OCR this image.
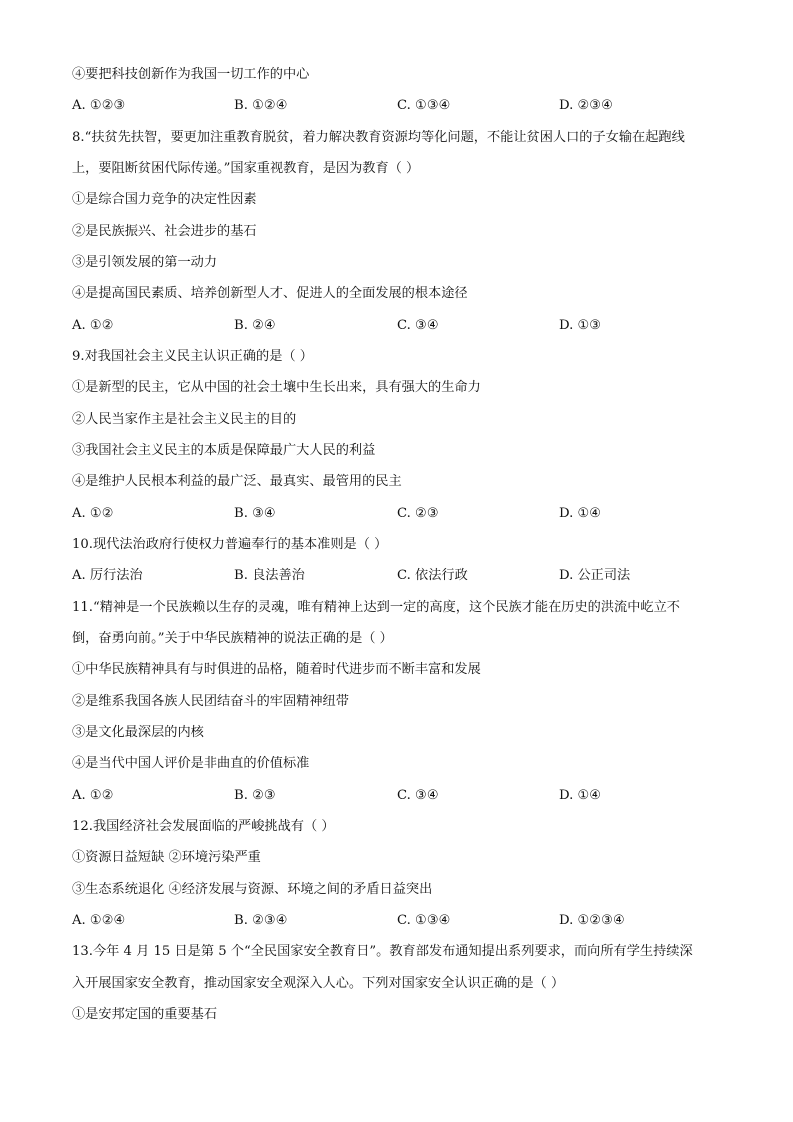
④要把科技创新作为我国一切工作的中心
A. ①②③	B. ①②④	C. ①③④	D. ②③④
8.“扶贫先扶智，要更加注重教育脱贫，着力解决教育资源均等化问题，不能让贫困人口的子女输在起跑线
上，要阻断贫困代际传递。”国家重视教育，是因为教育（ ）
①是综合国力竞争的决定性因素
②是民族振兴、社会进步的基石
③是引领发展的第一动力
④是提高国民素质、培养创新型人才、促进人的全面发展的根本途径
A. ①②	B. ②④	C. ③④	D. ①③
9.对我国社会主义民主认识正确的是（ ）
①是新型的民主，它从中国的社会土壤中生长出来，具有强大的生命力
②人民当家作主是社会主义民主的目的
③我国社会主义民主的本质是保障最广大人民的利益
④是维护人民根本利益的最广泛、最真实、最管用的民主
A. ①②	B. ③④	C. ②③	D. ①④
10.现代法治政府行使权力普遍奉行的基本准则是（ ）
A. 厉行法治	B. 良法善治	C. 依法行政	D. 公正司法
11.“精神是一个民族赖以生存的灵魂，唯有精神上达到一定的高度，这个民族才能在历史的洪流中屹立不
倒，奋勇向前。”关于中华民族精神的说法正确的是（ ）
①中华民族精神具有与时俱进的品格，随着时代进步而不断丰富和发展
②是维系我国各族人民团结奋斗的牢固精神纽带
③是文化最深层的内核
④是当代中国人评价是非曲直的价值标准
A. ①②	B. ②③	C. ③④	D. ①④
12.我国经济社会发展面临的严峻挑战有（ ）
①资源日益短缺 ②环境污染严重
③生态系统退化 ④经济发展与资源、环境之间的矛盾日益突出
A. ①②④	B. ②③④	C. ①③④	D. ①②③④
13.今年 4 月 15 日是第 5 个“全民国家安全教育日”。教育部发布通知提出系列要求，而向所有学生持续深
入开展国家安全教育，推动国家安全观深入人心。下列对国家安全认识正确的是（ ）
①是安邦定国的重要基石
